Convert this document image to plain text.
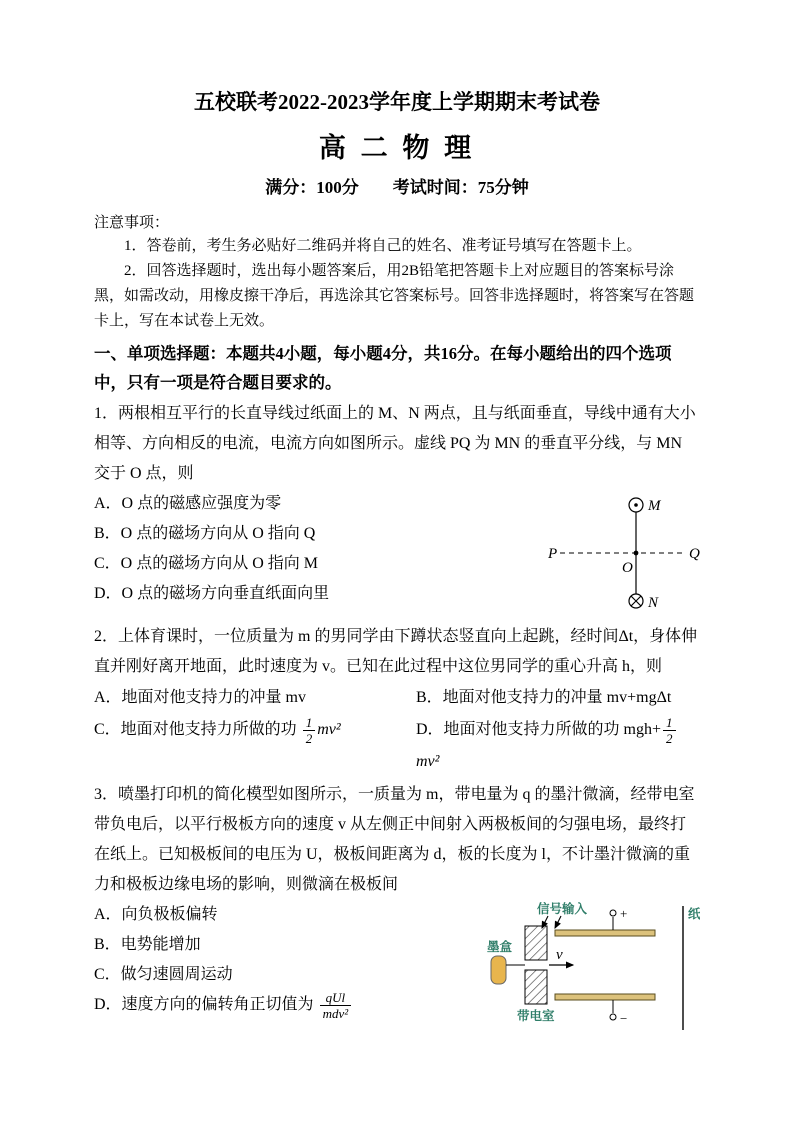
五校联考2022-2023学年度上学期期末考试卷
高 二 物 理
满分：100分　　考试时间：75分钟
注意事项：

1．答卷前，考生务必贴好二维码并将自己的姓名、准考证号填写在答题卡上。

2．回答选择题时，选出每小题答案后，用2B铅笔把答题卡上对应题目的答案标号涂黑，如需改动，用橡皮擦干净后，再选涂其它答案标号。回答非选择题时，将答案写在答题卡上，写在本试卷上无效。

一、单项选择题：本题共4小题，每小题4分，共16分。在每小题给出的四个选项中，只有一项是符合题目要求的。

1．两根相互平行的长直导线过纸面上的 M、N 两点，且与纸面垂直，导线中通有大小相等、方向相反的电流，电流方向如图所示。虚线 PQ 为 MN 的垂直平分线，与 MN 交于 O 点，则

M
N
P	Q
O
A．O 点的磁感应强度为零
B．O 点的磁场方向从 O 指向 Q
C．O 点的磁场方向从 O 指向 M
D．O 点的磁场方向垂直纸面向里

2．上体育课时，一位质量为 m 的男同学由下蹲状态竖直向上起跳，经时间Δt，身体伸直并刚好离开地面，此时速度为 v。已知在此过程中这位男同学的重心升高 h，则

A．地面对他支持力的冲量 mv	B．地面对他支持力的冲量 mv+mgΔt
C．地面对他支持力所做的功 $\frac{1}{2} mv^2$	D．地面对他支持力所做的功 $mgh+ \frac{1}{2}$
mv²

3．喷墨打印机的简化模型如图所示，一质量为 m，带电量为 q 的墨汁微滴，经带电室带负电后，以平行极板方向的速度 v 从左侧正中间射入两极板间的匀强电场，最终打在纸上。已知极板间的电压为 U，极板间距离为 d，板的长度为 l，不计墨汁微滴的重力和极板边缘电场的影响，则微滴在极板间

信号输入
墨盒
带电室
v
+
−
纸
A．向负极板偏转
B．电势能增加
C．做匀速圆周运动
D．速度方向的偏转角正切值为 $\frac{\text{qUl}}{\text{mdv²}}$
